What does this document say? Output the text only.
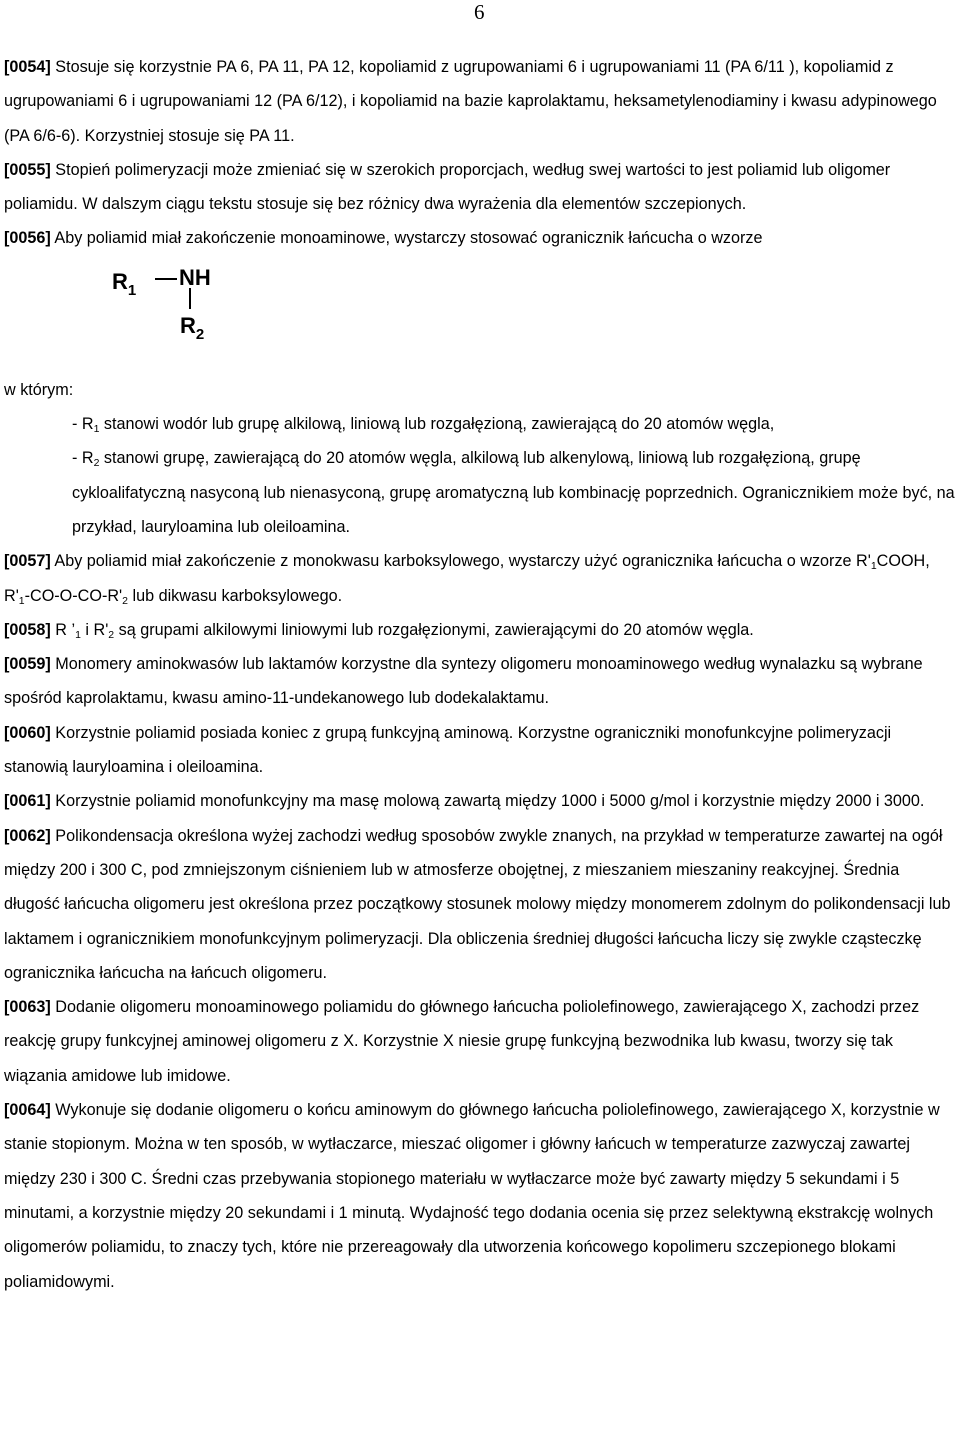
6

[0054] Stosuje się korzystnie PA 6, PA 11, PA 12, kopoliamid z ugrupowaniami 6 i ugrupowaniami 11 (PA 6/11 ), kopoliamid z ugrupowaniami 6 i ugrupowaniami 12 (PA 6/12), i kopoliamid na bazie kaprolaktamu, heksametylenodiaminy i kwasu adypinowego (PA 6/6-6). Korzystniej stosuje się PA 11.

[0055] Stopień polimeryzacji może zmieniać się w szerokich proporcjach, według swej wartości to jest poliamid lub oligomer poliamidu. W dalszym ciągu tekstu stosuje się bez różnicy dwa wyrażenia dla elementów szczepionych.

[0056] Aby poliamid miał zakończenie monoaminowe, wystarczy stosować ogranicznik łańcucha o wzorze

$R_1$
NH
$R_2$

w którym:

- $R_1$ stanowi wodór lub grupę alkilową, liniową lub rozgałęzioną, zawierającą do 20 atomów węgla,
- $R_2$ stanowi grupę, zawierającą do 20 atomów węgla, alkilową lub alkenylową, liniową lub rozgałęzioną, grupę cykloalifatyczną nasyconą lub nienasyconą, grupę aromatyczną lub kombinację poprzednich. Ogranicznikiem może być, na przykład, lauryloamina lub oleiloamina.

[0057] Aby poliamid miał zakończenie z monokwasu karboksylowego, wystarczy użyć ogranicznika łańcucha o wzorze $R'_1COOH$, $R'_1-CO-O-CO-R'_2$ lub dikwasu karboksylowego.

[0058] R $’_1$ i $R'_2$ są grupami alkilowymi liniowymi lub rozgałęzionymi, zawierającymi do 20 atomów węgla.

[0059] Monomery aminokwasów lub laktamów korzystne dla syntezy oligomeru monoaminowego według wynalazku są wybrane spośród kaprolaktamu, kwasu amino-11-undekanowego lub dodekalaktamu.

[0060] Korzystnie poliamid posiada koniec z grupą funkcyjną aminową. Korzystne ograniczniki monofunkcyjne polimeryzacji stanowią lauryloamina i oleiloamina.

[0061] Korzystnie poliamid monofunkcyjny ma masę molową zawartą między 1000 i 5000 g/mol i korzystnie między 2000 i 3000.

[0062] Polikondensacja określona wyżej zachodzi według sposobów zwykle znanych, na przykład w temperaturze zawartej na ogół między 200 i 300 C, pod zmniejszonym ciśnieniem lub w atmosferze obojętnej, z mieszaniem mieszaniny reakcyjnej. Średnia długość łańcucha oligomeru jest określona przez początkowy stosunek molowy między monomerem zdolnym do polikondensacji lub laktamem i ogranicznikiem monofunkcyjnym polimeryzacji. Dla obliczenia średniej długości łańcucha liczy się zwykle cząsteczkę ogranicznika łańcucha na łańcuch oligomeru.

[0063] Dodanie oligomeru monoaminowego poliamidu do głównego łańcucha poliolefinowego, zawierającego X, zachodzi przez reakcję grupy funkcyjnej aminowej oligomeru z X. Korzystnie X niesie grupę funkcyjną bezwodnika lub kwasu, tworzy się tak wiązania amidowe lub imidowe.

[0064] Wykonuje się dodanie oligomeru o końcu aminowym do głównego łańcucha poliolefinowego, zawierającego X, korzystnie w stanie stopionym. Można w ten sposób, w wytłaczarce, mieszać oligomer i główny łańcuch w temperaturze zazwyczaj zawartej między 230 i 300 C. Średni czas przebywania stopionego materiału w wytłaczarce może być zawarty między 5 sekundami i 5 minutami, a korzystnie między 20 sekundami i 1 minutą. Wydajność tego dodania ocenia się przez selektywną ekstrakcję wolnych oligomerów poliamidu, to znaczy tych, które nie przereagowały dla utworzenia końcowego kopolimeru szczepionego blokami poliamidowymi.
